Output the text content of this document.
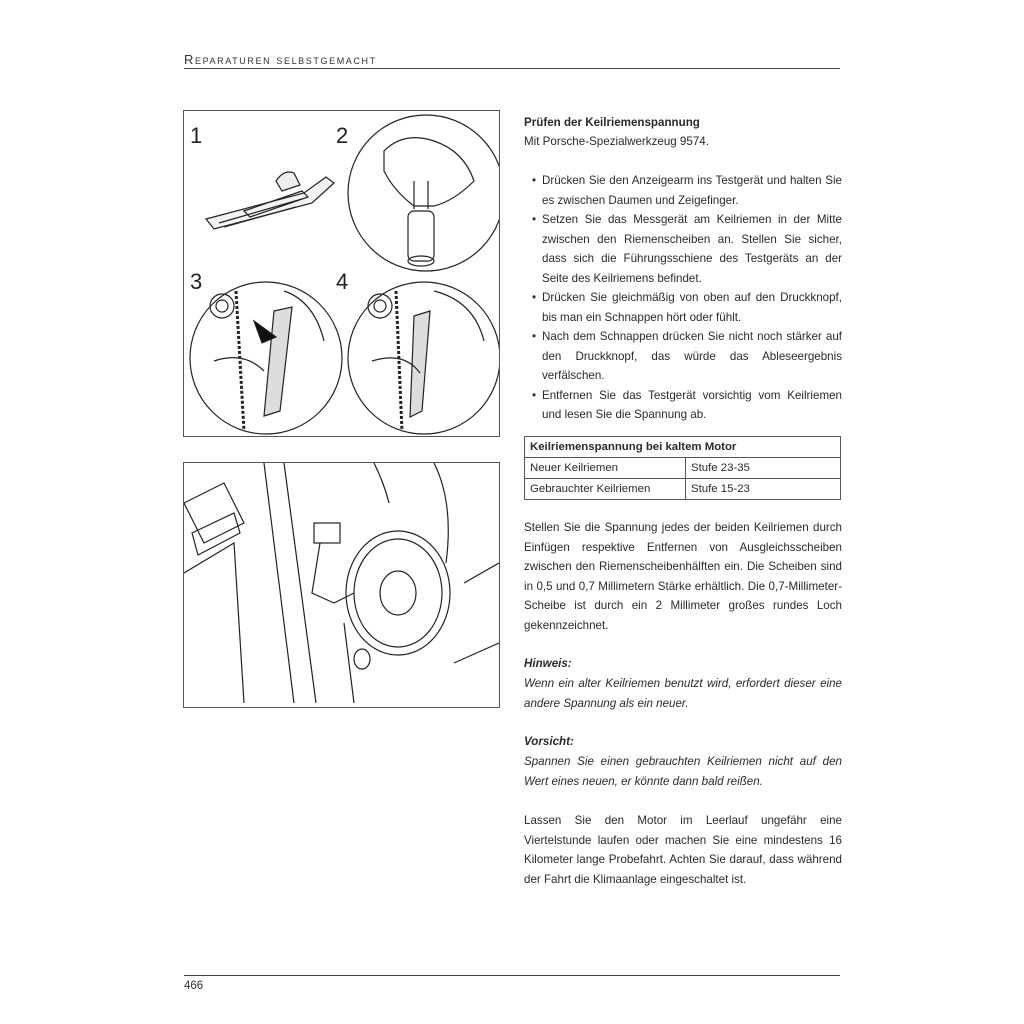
Reparaturen selbstgemacht
1	2
3	4
Prüfen der Keilriemenspannung
Mit Porsche-Spezialwerkzeug 9574.
• Drücken Sie den Anzeigearm ins Testgerät und halten Sie es zwischen Daumen und Zeigefinger.
• Setzen Sie das Messgerät am Keilriemen in der Mitte zwischen den Riemenscheiben an. Stellen Sie sicher, dass sich die Führungsschiene des Testgeräts an der Seite des Keilriemens befindet.
• Drücken Sie gleichmäßig von oben auf den Druckknopf, bis man ein Schnappen hört oder fühlt.
• Nach dem Schnappen drücken Sie nicht noch stärker auf den Druckknopf, das würde das Ableseergebnis verfälschen.
• Entfernen Sie das Testgerät vorsichtig vom Keilriemen und lesen Sie die Spannung ab.
Keilriemenspannung bei kaltem Motor	
Neuer Keilriemen	Stufe 23-35
Gebrauchter Keilriemen	Stufe 15-23
Stellen Sie die Spannung jedes der beiden Keilriemen durch Einfügen respektive Entfernen von Ausgleichsscheiben zwischen den Riemenscheibenhälften ein. Die Scheiben sind in 0,5 und 0,7 Millimetern Stärke erhältlich. Die 0,7-Millimeter-Scheibe ist durch ein 2 Millimeter großes rundes Loch gekennzeichnet.
Hinweis:
Wenn ein alter Keilriemen benutzt wird, erfordert dieser eine andere Spannung als ein neuer.
Vorsicht:
Spannen Sie einen gebrauchten Keilriemen nicht auf den Wert eines neuen, er könnte dann bald reißen.
Lassen Sie den Motor im Leerlauf ungefähr eine Viertelstunde laufen oder machen Sie eine mindestens 16 Kilometer lange Probefahrt. Achten Sie darauf, dass während der Fahrt die Klimaanlage eingeschaltet ist.
466
